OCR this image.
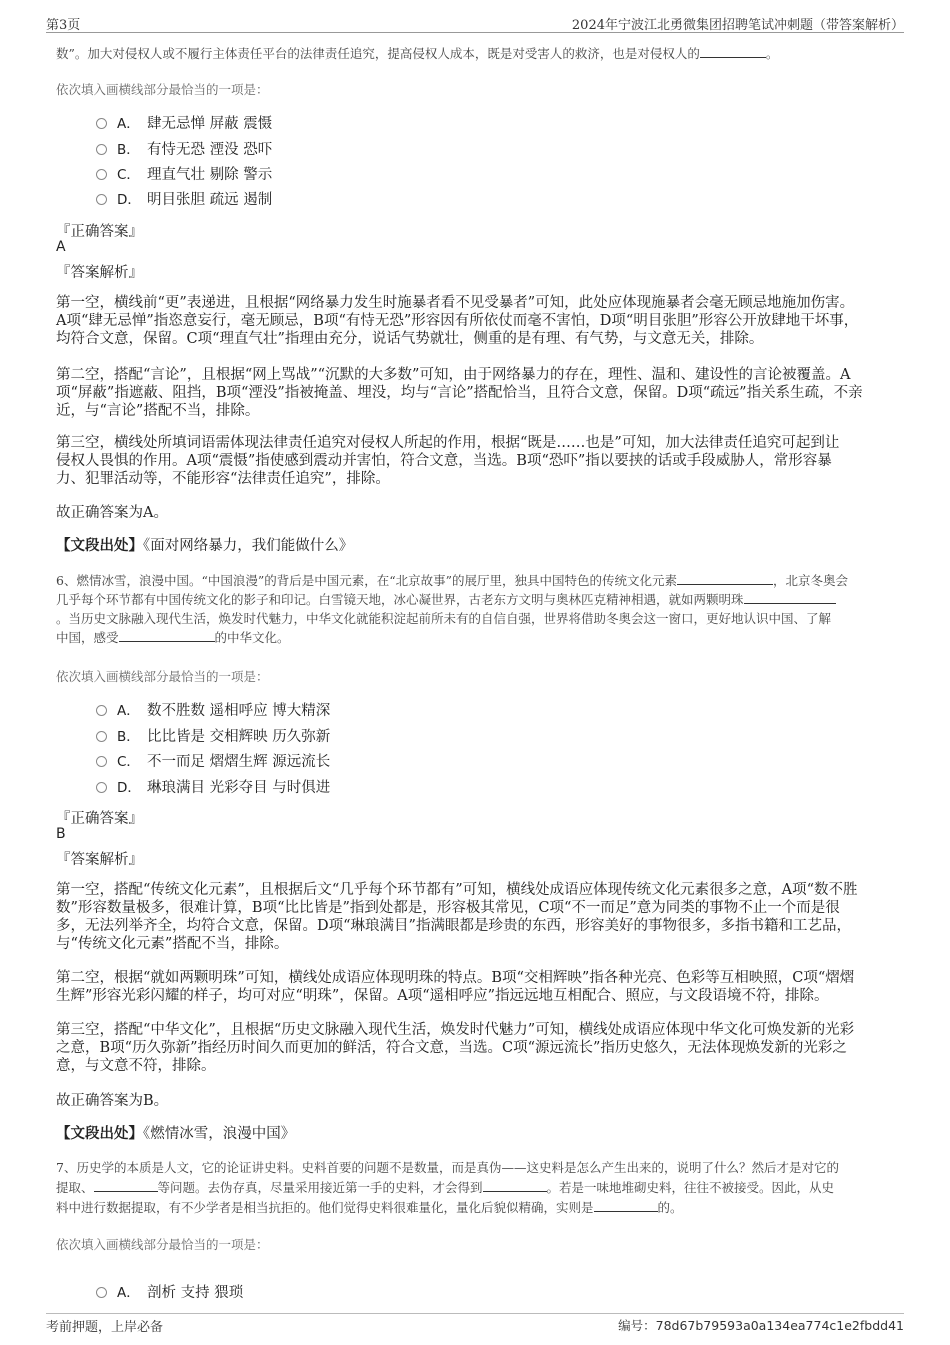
第3页	2024年宁波江北勇微集团招聘笔试冲刺题（带答案解析）
数”。加大对侵权人或不履行主体责任平台的法律责任追究，提高侵权人成本，既是对受害人的救济，也是对侵权人的	。
依次填入画横线部分最恰当的一项是：
A． 肆无忌惮 屏蔽 震慑
B． 有恃无恐 湮没 恐吓
C． 理直气壮 剔除 警示
D． 明目张胆 疏远 遏制
『正确答案』
A
『答案解析』
第一空，横线前“更”表递进，且根据“网络暴力发生时施暴者看不见受暴者”可知，此处应体现施暴者会毫无顾忌地施加伤害。
A项“肆无忌惮”指恣意妄行，毫无顾忌，B项“有恃无恐”形容因有所依仗而毫不害怕，D项“明目张胆”形容公开放肆地干坏事，
均符合文意，保留。C项“理直气壮”指理由充分，说话气势就壮，侧重的是有理、有气势，与文意无关，排除。
第二空，搭配“言论”，且根据“网上骂战”“沉默的大多数”可知，由于网络暴力的存在，理性、温和、建设性的言论被覆盖。A
项“屏蔽”指遮蔽、阻挡，B项“湮没”指被掩盖、埋没，均与“言论”搭配恰当，且符合文意，保留。D项“疏远”指关系生疏，不亲
近，与“言论”搭配不当，排除。
第三空，横线处所填词语需体现法律责任追究对侵权人所起的作用，根据“既是……也是”可知，加大法律责任追究可起到让
侵权人畏惧的作用。A项“震慑”指使感到震动并害怕，符合文意，当选。B项“恐吓”指以要挟的话或手段威胁人，常形容暴
力、犯罪活动等，不能形容“法律责任追究”，排除。
故正确答案为A。
【文段出处】《面对网络暴力，我们能做什么》
6、燃情冰雪，浪漫中国。“中国浪漫”的背后是中国元素，在“北京故事”的展厅里，独具中国特色的传统文化元素	，北京冬奥会
几乎每个环节都有中国传统文化的影子和印记。白雪镜天地，冰心凝世界，古老东方文明与奥林匹克精神相遇，就如两颗明珠
。当历史文脉融入现代生活，焕发时代魅力，中华文化就能积淀起前所未有的自信自强，世界将借助冬奥会这一窗口，更好地认识中国、了解
中国，感受	的中华文化。
依次填入画横线部分最恰当的一项是：
A． 数不胜数 遥相呼应 博大精深
B． 比比皆是 交相辉映 历久弥新
C． 不一而足 熠熠生辉 源远流长
D． 琳琅满目 光彩夺目 与时俱进
『正确答案』
B
『答案解析』
第一空，搭配“传统文化元素”，且根据后文“几乎每个环节都有”可知，横线处成语应体现传统文化元素很多之意，A项“数不胜
数”形容数量极多，很难计算，B项“比比皆是”指到处都是，形容极其常见，C项“不一而足”意为同类的事物不止一个而是很
多，无法列举齐全，均符合文意，保留。D项“琳琅满目”指满眼都是珍贵的东西，形容美好的事物很多，多指书籍和工艺品，
与“传统文化元素”搭配不当，排除。
第二空，根据“就如两颗明珠”可知，横线处成语应体现明珠的特点。B项“交相辉映”指各种光亮、色彩等互相映照，C项“熠熠
生辉”形容光彩闪耀的样子，均可对应“明珠”，保留。A项“遥相呼应”指远远地互相配合、照应，与文段语境不符，排除。
第三空，搭配“中华文化”，且根据“历史文脉融入现代生活，焕发时代魅力”可知，横线处成语应体现中华文化可焕发新的光彩
之意，B项“历久弥新”指经历时间久而更加的鲜活，符合文意，当选。C项“源远流长”指历史悠久，无法体现焕发新的光彩之
意，与文意不符，排除。
故正确答案为B。
【文段出处】《燃情冰雪，浪漫中国》
7、历史学的本质是人文，它的论证讲史料。史料首要的问题不是数量，而是真伪——这史料是怎么产生出来的，说明了什么？然后才是对它的
提取、	等问题。去伪存真，尽量采用接近第一手的史料，才会得到	。若是一味地堆砌史料，往往不被接受。因此，从史
料中进行数据提取，有不少学者是相当抗拒的。他们觉得史料很难量化，量化后貌似精确，实则是	的。
依次填入画横线部分最恰当的一项是：
A． 剖析 支持 猥琐
考前押题，上岸必备	编号：78d67b79593a0a134ea774c1e2fbdd41
